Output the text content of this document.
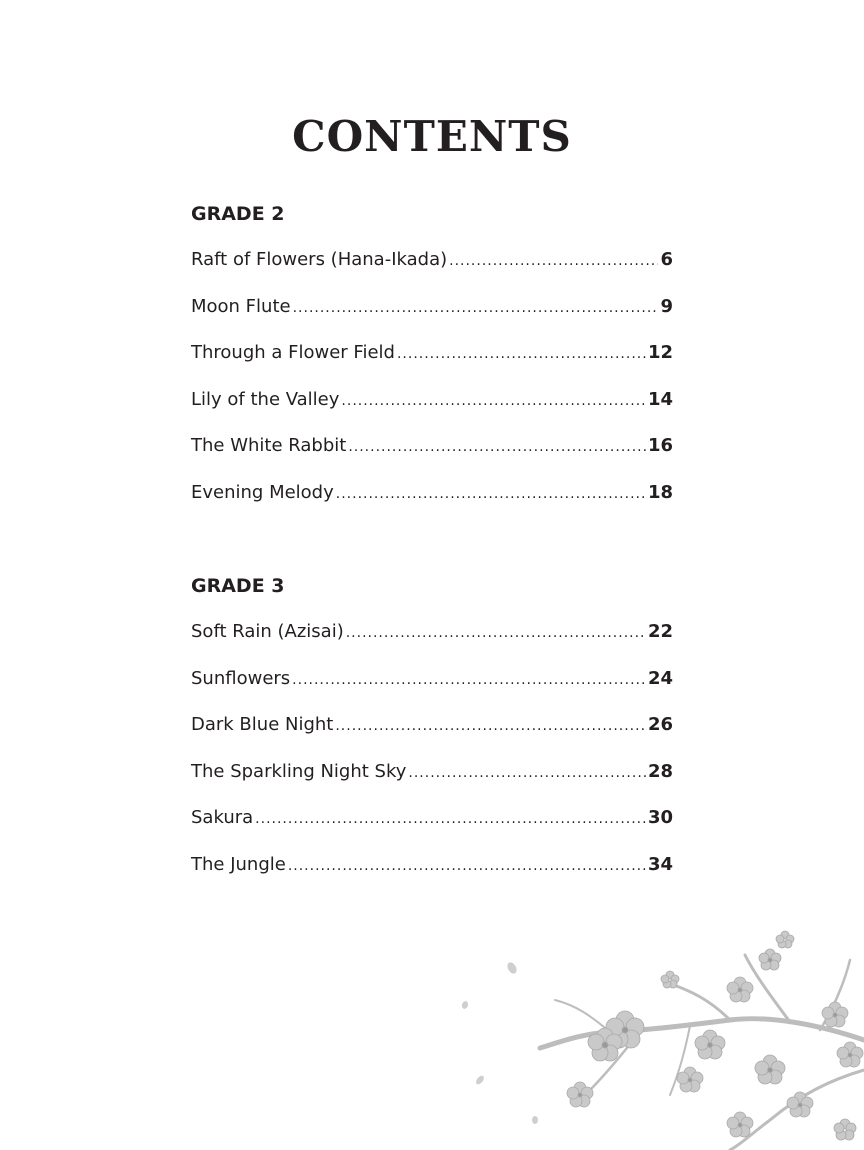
CONTENTS
GRADE 2
Raft of Flowers (Hana-Ikada) .....	6
Moon Flute .....	9
Through a Flower Field .....	12
Lily of the Valley .....	14
The White Rabbit .....	16
Evening Melody .....	18
GRADE 3
Soft Rain (Azisai) .....	22
Sunflowers .....	24
Dark Blue Night .....	26
The Sparkling Night Sky .....	28
Sakura .....	30
The Jungle .....	34
